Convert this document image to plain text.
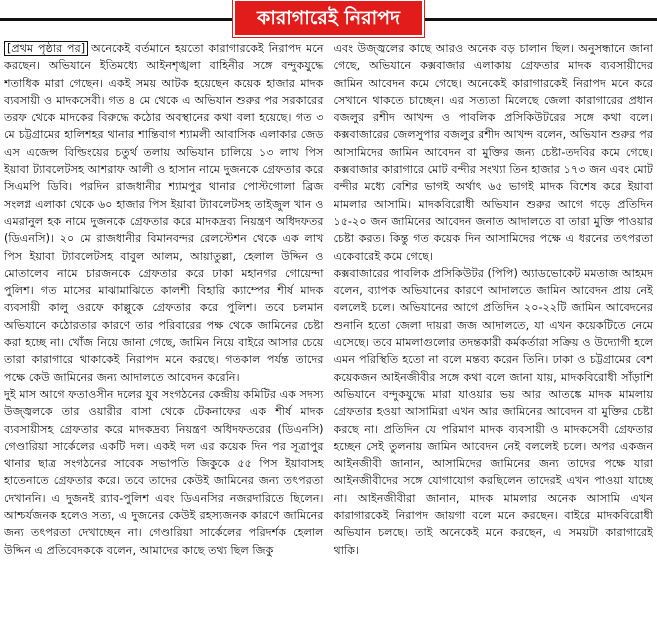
কারাগারেই নিরাপদ

[প্রথম পৃষ্ঠার পর] অনেকেই বর্তমানে হয়তো কারাগারকেই নিরাপদ মনে করছেন। অভিযানে ইতিমধ্যে আইনশৃঙ্খলা বাহিনীর সঙ্গে বন্দুকযুদ্ধে শতাধিক মারা গেছেন। একই সময় আটক হয়েছেন কয়েক হাজার মাদক ব্যবসায়ী ও মাদকসেবী। গত ৪ মে থেকে এ অভিযান শুরুর পর সরকারের তরফ থেকে মাদকের বিরুদ্ধে কঠোর অবস্থানের কথা বলা হয়েছে। গত ৩ মে চট্টগ্রামের হালিশহর থানার শান্তিবাগ শ্যামলী আবাসিক এলাকার জেড এস এজেন্স বিল্ডিংয়ের চতুর্থ তলায় অভিযান চালিয়ে ১৩ লাখ পিস ইয়াবা ট্যাবলেটসহ আশরাফ আলী ও হাসান নামে দুজনকে গ্রেফতার করে সিএমপি ডিবি। পরদিন রাজধানীর শ্যামপুর থানার পোস্টগোলা ব্রিজ সংলগ্ন এলাকা থেকে ৬০ হাজার পিস ইয়াবা ট্যাবলেটসহ তাইজুল খান ও এমরানুল হক নামে দুজনকে গ্রেফতার করে মাদকদ্রব্য নিয়ন্ত্রণ অধিদফতর (ডিএনসি)। ২০ মে রাজধানীর বিমানবন্দর রেলস্টেশন থেকে এক লাখ পিস ইয়াবা ট্যাবলেটসহ বাবুল আলম, আয়াতুল্লা, হেলাল উদ্দিন ও মোতালেব নামে চারজনকে গ্রেফতার করে ঢাকা মহানগর গোয়েন্দা পুলিশ। গত মাসের মাঝামাঝিতে কালশী বিহারি ক্যাম্পের শীর্ষ মাদক ব্যবসায়ী কালু ওরফে কাল্লুকে গ্রেফতার করে পুলিশ। তবে চলমান অভিযানে কঠোরতার কারণে তার পরিবারের পক্ষ থেকে জামিনের চেষ্টা করা হচ্ছে না। খোঁজ নিয়ে জানা গেছে, জামিন নিয়ে বাইরে আসার চেয়ে তারা কারাগারে থাকাকেই নিরাপদ মনে করছে। গতকাল পর্যন্ত তাদের পক্ষে কেউ জামিনের জন্য আদালতে আবেদন করেনি।

দুই মাস আগে ফতাওসীন দলের যুব সংগঠনের কেন্দ্রীয় কমিটির এক সদস্য উজ্জ্বলকে তার ওয়ারীর বাসা থেকে টেকনাফের এক শীর্ষ মাদক ব্যবসায়ীসহ গ্রেফতার করে মাদকদ্রব্য নিয়ন্ত্রণ অধিদফতরের (ডিএনসি) গেণ্ডারিয়া সার্কেলের একটি দল। একই দল এর কয়েক দিন পর সূত্রাপুর থানার ছাত্র সংগঠনের সাবেক সভাপতি জিকুকে ৫৫ পিস ইয়াবাসহ হাতেনাতে গ্রেফতার করে। তবে তাদের কেউই জামিনের জন্য তৎপরতা দেখাননি। এ দুজনই র‌্যাব-পুলিশ এবং ডিএনসির নজরদারিতে ছিলেন। আশ্চর্যজনক হলেও সত্য, এ দুজনের কেউই রহস্যজনক কারণে জামিনের জন্য তৎপরতা দেখাচ্ছেন না। গেণ্ডারিয়া সার্কেলের পরিদর্শক হেলাল উদ্দিন এ প্রতিবেদককে বলেন, আমাদের কাছে তথ্য ছিল জিকু

এবং উজ্জ্বলের কাছে আরও অনেক বড় চালান ছিল। অনুসন্ধানে জানা গেছে, অভিযানে কক্সবাজার এলাকায় গ্রেফতার মাদক ব্যবসায়ীদের জামিন আবেদন কমে গেছে। অনেকেই কারাগারকেই নিরাপদ মনে করে সেখানে থাকতে চাচ্ছেন। এর সত্যতা মিলেছে জেলা কারাগারের প্রধান বজলুর রশীদ আখন্দ ও পাবলিক প্রসিকিউটরের সঙ্গে কথা বলে। কক্সবাজারের জেলসুপার বজলুর রশীদ আখন্দ বলেন, অভিযান শুরুর পর আসামিদের জামিন আবেদন বা মুক্তির জন্য চেষ্টা-তদবির কমে গেছে। কক্সবাজার কারাগারে মোট বন্দীর সংখ্যা তিন হাজার ১৭৩ জন এবং মোট বন্দীর মধ্যে বেশির ভাগই অর্থাৎ ৬৫ ভাগই মাদক বিশেষ করে ইয়াবা মামলার আসামি। মাদকবিরোধী অভিযান শুরুর আগে গড়ে প্রতিদিন ১৫-২০ জন জামিনের আবেদন জনাত আদালতে বা তারা মুক্তি পাওয়ার চেষ্টা করত। কিন্তু গত কয়েক দিন আসামিদের পক্ষে এ ধরনের তৎপরতা একেবারেই কমে গেছে।

কক্সবাজারের পাবলিক প্রসিকিউটর (পিপি) অ্যাডভোকেট মমতাজ আহমদ বলেন, ব্যাপক অভিযানের কারণে আদালতে জামিন আবেদন প্রায় নেই বললেই চলে। অভিযানের আগে প্রতিদিন ২০-২২টি জামিন আবেদনের শুনানি হতো জেলা দায়রা জজ আদালতে, যা এখন কয়েকটিতে নেমে এসেছে। তবে মামলাগুলোর তদন্তকারী কর্মকর্তারা সক্রিয় ও উদ্যোগী হলে এমন পরিস্থিতি হতো না বলে মন্তব্য করেন তিনি। ঢাকা ও চট্টগ্রামের বেশ কয়েকজন আইনজীবীর সঙ্গে কথা বলে জানা যায়, মাদকবিরোধী সাঁড়াশি অভিযানে বন্দুকযুদ্ধে মারা যাওয়ার ভয় আর আতঙ্কে মাদক মামলায় গ্রেফতার হওয়া আসামিরা এখন আর জামিনের আবেদন বা মুক্তির চেষ্টা করছে না। প্রতিদিন যে পরিমাণ মাদক ব্যবসায়ী ও মাদকসেবী গ্রেফতার হচ্ছেন সেই তুলনায় জামিন আবেদন নেই বললেই চলে। অপর একজন আইনজীবী জানান, আসামিদের জামিনের জন্য তাদের পক্ষে যারা আইনজীবীদের সঙ্গে যোগাযোগ করছিলেন তাদেরই এখন পাওয়া যাচ্ছে না। আইনজীবীরা জানান, মাদক মামলার অনেক আসামি এখন কারাগারকেই নিরাপদ জায়গা বলে মনে করছেন। বাইরে মাদকবিরোধী অভিযান চলছে। তাই অনেকেই মনে করছেন, এ সময়টা কারাগারেই থাকি।
